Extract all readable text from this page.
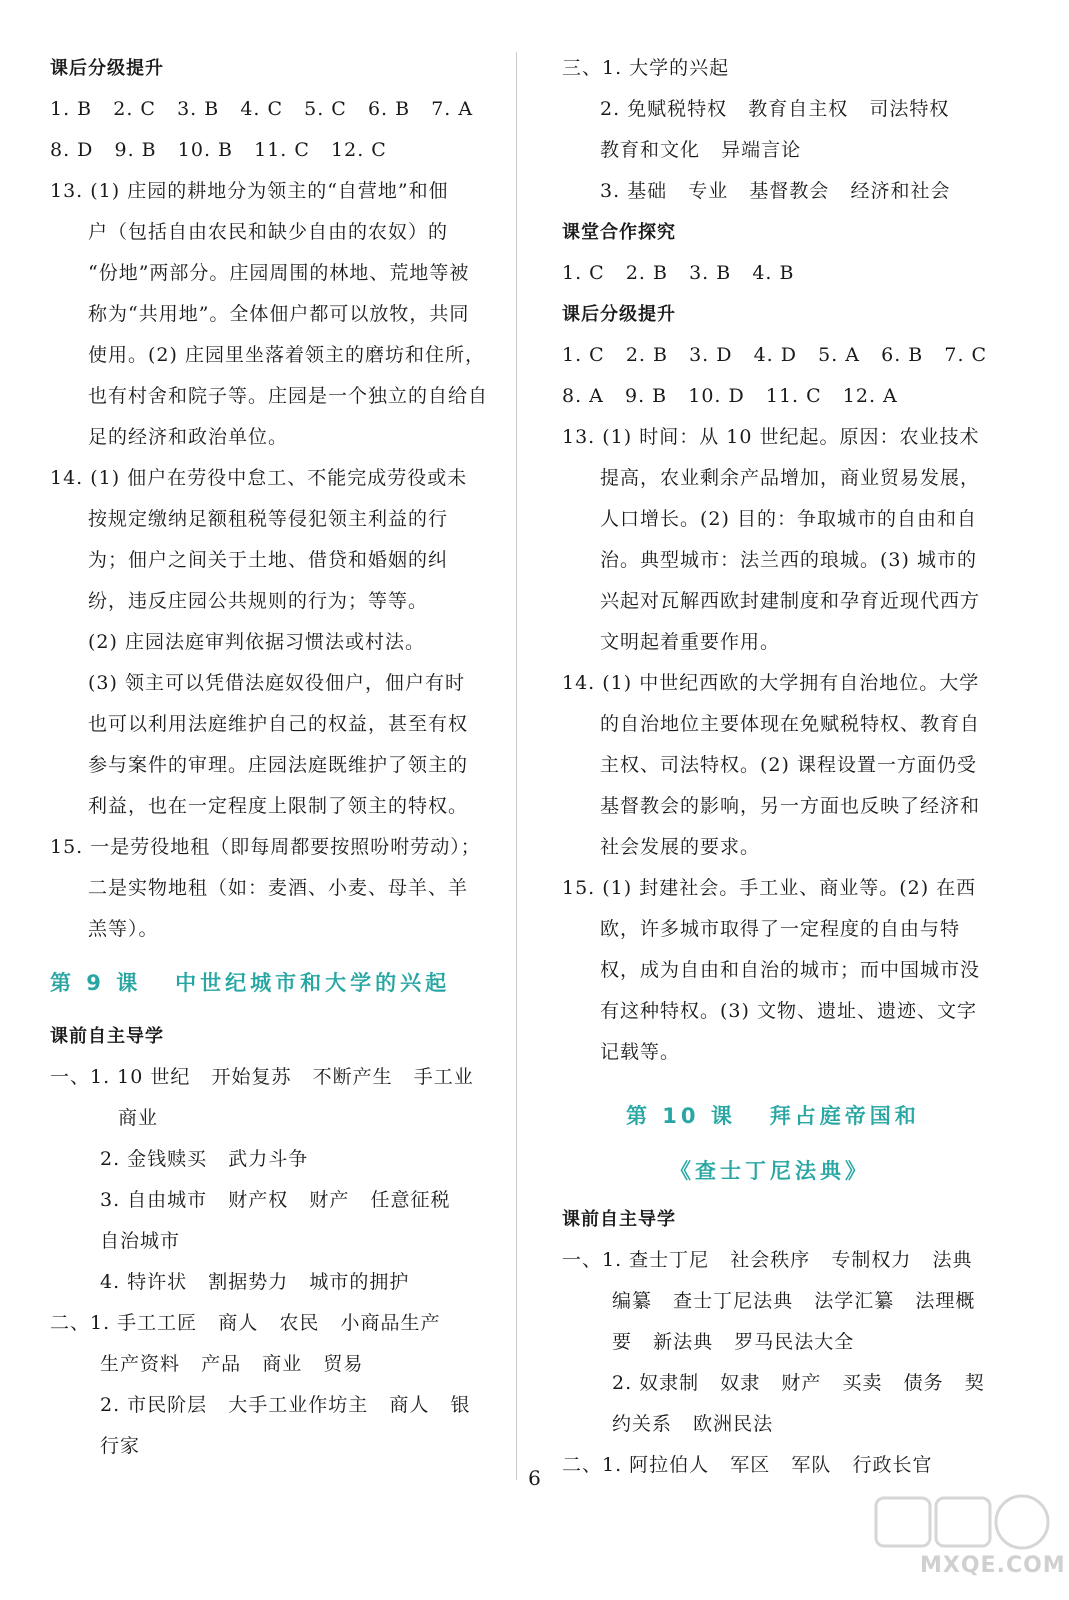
课后分级提升
1. B   2. C   3. B   4. C   5. C   6. B   7. A
8. D   9. B   10. B   11. C   12. C
13. (1) 庄园的耕地分为领主的“自营地”和佃
户（包括自由农民和缺少自由的农奴）的
“份地”两部分。庄园周围的林地、荒地等被
称为“共用地”。全体佃户都可以放牧，共同
使用。(2) 庄园里坐落着领主的磨坊和住所，
也有村舍和院子等。庄园是一个独立的自给自
足的经济和政治单位。
14. (1) 佃户在劳役中怠工、不能完成劳役或未
按规定缴纳足额租税等侵犯领主利益的行
为；佃户之间关于土地、借贷和婚姻的纠
纷，违反庄园公共规则的行为；等等。
(2) 庄园法庭审判依据习惯法或村法。
(3) 领主可以凭借法庭奴役佃户，佃户有时
也可以利用法庭维护自己的权益，甚至有权
参与案件的审理。庄园法庭既维护了领主的
利益，也在一定程度上限制了领主的特权。
15. 一是劳役地租（即每周都要按照吩咐劳动）；
二是实物地租（如：麦酒、小麦、母羊、羊
羔等）。
第 9 课   中世纪城市和大学的兴起
课前自主导学
一、1. 10 世纪   开始复苏   不断产生   手工业
商业
2. 金钱赎买   武力斗争
3. 自由城市   财产权   财产   任意征税
自治城市
4. 特许状   割据势力   城市的拥护
二、1. 手工工匠   商人   农民   小商品生产
生产资料   产品   商业   贸易
2. 市民阶层   大手工业作坊主   商人   银
行家
三、1. 大学的兴起
2. 免赋税特权   教育自主权   司法特权
教育和文化   异端言论
3. 基础   专业   基督教会   经济和社会
课堂合作探究
1. C   2. B   3. B   4. B
课后分级提升
1. C   2. B   3. D   4. D   5. A   6. B   7. C
8. A   9. B   10. D   11. C   12. A
13. (1) 时间：从 10 世纪起。原因：农业技术
提高，农业剩余产品增加，商业贸易发展，
人口增长。(2) 目的：争取城市的自由和自
治。典型城市：法兰西的琅城。(3) 城市的
兴起对瓦解西欧封建制度和孕育近现代西方
文明起着重要作用。
14. (1) 中世纪西欧的大学拥有自治地位。大学
的自治地位主要体现在免赋税特权、教育自
主权、司法特权。(2) 课程设置一方面仍受
基督教会的影响，另一方面也反映了经济和
社会发展的要求。
15. (1) 封建社会。手工业、商业等。(2) 在西
欧，许多城市取得了一定程度的自由与特
权，成为自由和自治的城市；而中国城市没
有这种特权。(3) 文物、遗址、遗迹、文字
记载等。
第 10 课   拜占庭帝国和
《查士丁尼法典》
课前自主导学
一、1. 查士丁尼   社会秩序   专制权力   法典
编纂   查士丁尼法典   法学汇纂   法理概
要   新法典   罗马民法大全
2. 奴隶制   奴隶   财产   买卖   债务   契
约关系   欧洲民法
二、1. 阿拉伯人   军区   军队   行政长官
6
MXQE.COM
